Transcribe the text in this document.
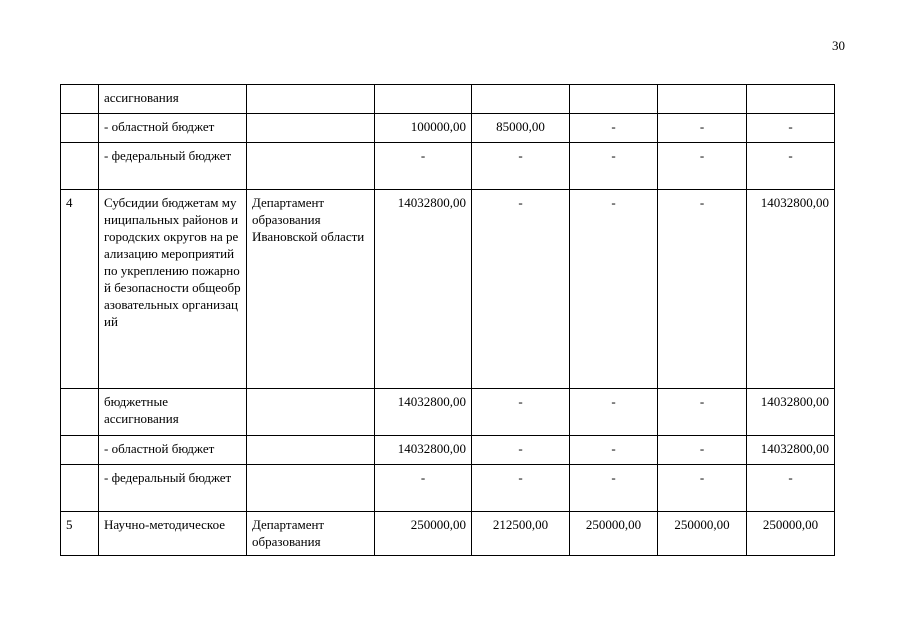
30
	ассигнования						
	- областной бюджет		100000,00	85000,00	-	-	-
	- федеральный бюджет		-	-	-	-	-
4	Субсидии бюджетам муниципальных районов и городских округов на реализацию мероприятий по укреплению пожарной безопасности общеобразовательных организаций	Департамент образования Ивановской области	14032800,00	-	-	-	14032800,00
	бюджетные ассигнования		14032800,00	-	-	-	14032800,00
	- областной бюджет		14032800,00	-	-	-	14032800,00
	- федеральный бюджет		-	-	-	-	-
5	Научно-методическое	Департамент образования	250000,00	212500,00	250000,00	250000,00	250000,00
